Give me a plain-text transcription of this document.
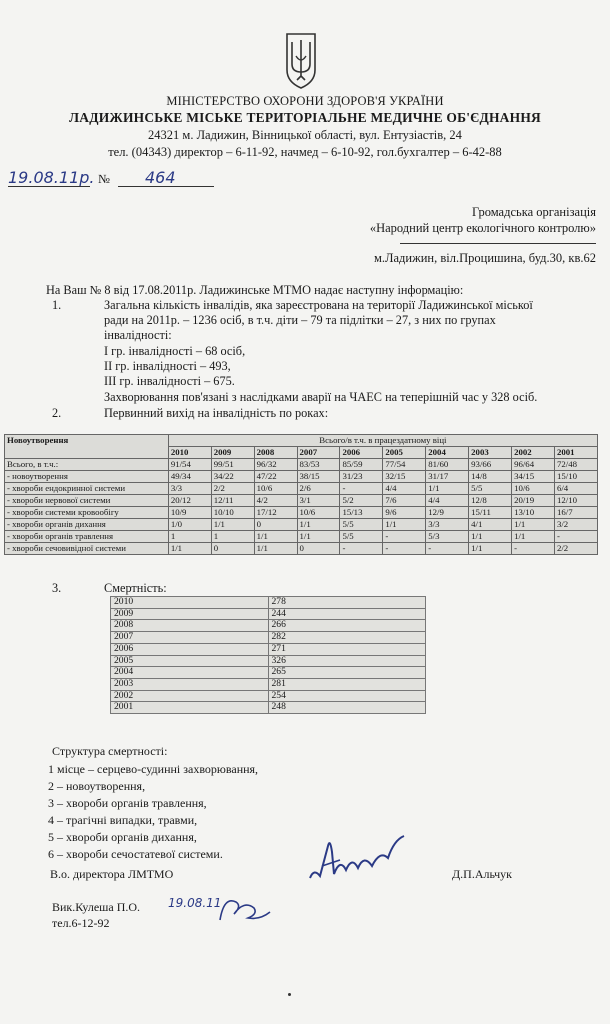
МІНІСТЕРСТВО ОХОРОНИ ЗДОРОВ'Я УКРАЇНИ
ЛАДИЖИНСЬКЕ МІСЬКЕ ТЕРИТОРІАЛЬНЕ МЕДИЧНЕ ОБ'ЄДНАННЯ
24321 м. Ладижин, Вінницької області, вул. Ентузіастів, 24
тел. (04343) директор – 6-11-92, начмед – 6-10-92, гол.бухгалтер – 6-42-88
19.08.11р. № 464
Громадська організація
«Народний центр екологічного контролю»
м.Ладижин, віл.Процишина, буд.30, кв.62
На Ваш № 8 від 17.08.2011р. Ладижинське МТМО надає наступну інформацію:
1.	Загальна кількість інвалідів, яка зареєстрована на території Ладижинської міської
ради на 2011р. – 1236 осіб, в т.ч. діти – 79 та підлітки – 27, з них по групах
інвалідності:
І гр. інвалідності – 68 осіб,
ІІ гр. інвалідності – 493,
ІІІ гр. інвалідності – 675.
Захворювання пов'язані з наслідками аварії на ЧАЕС на теперішній час у 328 осіб.
2.	Первинний вихід на інвалідність по роках:
Новоутворення	Всього/в т.ч. в працездатному віці									
	2010	2009	2008	2007	2006	2005	2004	2003	2002	2001
Всього, в т.ч.:	91/54	99/51	96/32	83/53	85/59	77/54	81/60	93/66	96/64	72/48
- новоутворення	49/34	34/22	47/22	38/15	31/23	32/15	31/17	14/8	34/15	15/10
- хвороби ендокринної системи	3/3	2/2	10/6	2/6	-	4/4	1/1	5/5	10/6	6/4
- хвороби нервової системи	20/12	12/11	4/2	3/1	5/2	7/6	4/4	12/8	20/19	12/10
- хвороби системи кровообігу	10/9	10/10	17/12	10/6	15/13	9/6	12/9	15/11	13/10	16/7
- хвороби органів дихання	1/0	1/1	0	1/1	5/5	1/1	3/3	4/1	1/1	3/2
- хвороби органів травлення	1	1	1/1	1/1	5/5	-	5/3	1/1	1/1	-
- хвороби сечовивідної системи	1/1	0	1/1	0	-	-	-	1/1	-	2/2
3.	Смертність:
2010	278
2009	244
2008	266
2007	282
2006	271
2005	326
2004	265
2003	281
2002	254
2001	248
Структура смертності:
1 місце – серцево-судинні захворювання,
2 – новоутворення,
3 – хвороби органів травлення,
4 – трагічні випадки, травми,
5 – хвороби органів дихання,
6 – хвороби сечостатевої системи.
В.о. директора ЛМТМО	Д.П.Альчук
Вик.Кулеша П.О.
тел.6-12-92
19.08.11
